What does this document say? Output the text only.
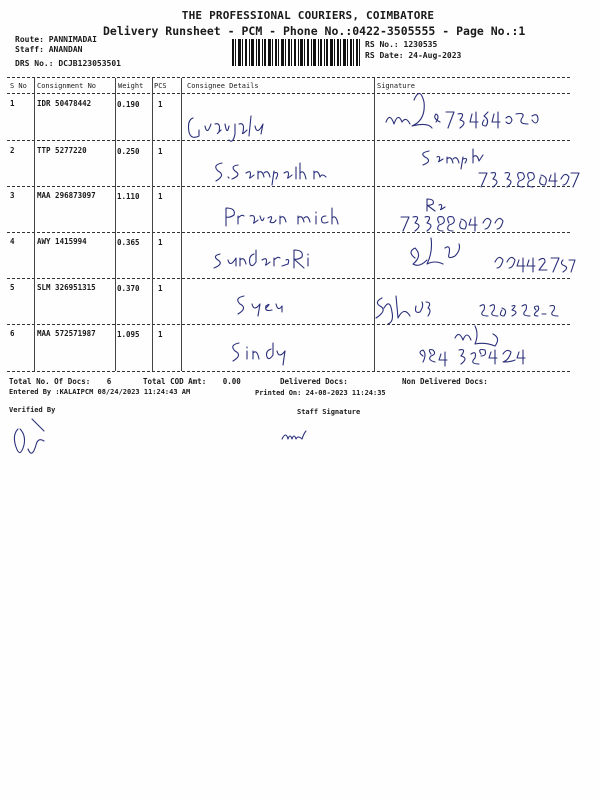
THE PROFESSIONAL COURIERS, COIMBATORE
Delivery Runsheet - PCM - Phone No.:0422-3505555 - Page No.:1
Route: PANNIMADAI
Staff: ANANDAN
DRS No.: DCJB123053501
RS No.: 1230535
RS Date: 24-Aug-2023
S No Consignment No	Weight PCS	Consignee Details	Signature
1	IDR 50478442	0.190 1
2	TTP 5277220	0.250 1
3	MAA 296873097	1.110 1
4	AWY 1415994	0.365 1
5	SLM 326951315	0.370 1
6	MAA 572571987	1.095 1
Total No. Of Docs: 6	Total COD Amt: 0.00	Delivered Docs:	Non Delivered Docs:
Entered By :KALAIPCM 08/24/2023 11:24:43 AM	Printed On: 24-08-2023 11:24:35
Verified By	Staff Signature
